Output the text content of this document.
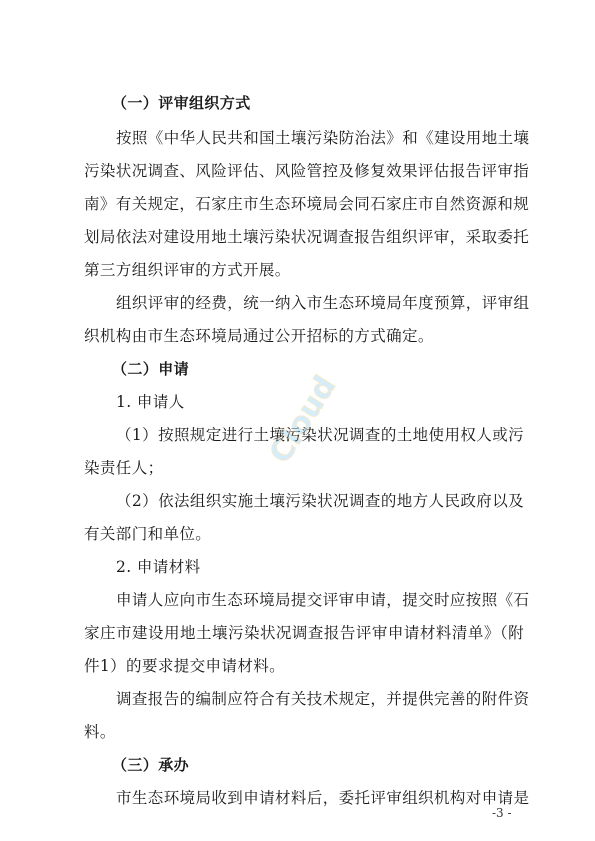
（一）评审组织方式
按照《中华人民共和国土壤污染防治法》和《建设用地土壤
污染状况调查、风险评估、风险管控及修复效果评估报告评审指
南》有关规定，石家庄市生态环境局会同石家庄市自然资源和规
划局依法对建设用地土壤污染状况调查报告组织评审，采取委托
第三方组织评审的方式开展。
组织评审的经费，统一纳入市生态环境局年度预算，评审组
织机构由市生态环境局通过公开招标的方式确定。
（二）申请
1. 申请人
（1）按照规定进行土壤污染状况调查的土地使用权人或污
染责任人；
（2）依法组织实施土壤污染状况调查的地方人民政府以及
有关部门和单位。
2. 申请材料
申请人应向市生态环境局提交评审申请，提交时应按照《石
家庄市建设用地土壤污染状况调查报告评审申请材料清单》（附
件1）的要求提交申请材料。
调查报告的编制应符合有关技术规定，并提供完善的附件资
料。
（三）承办
市生态环境局收到申请材料后，委托评审组织机构对申请是
-3 -
Cloud
